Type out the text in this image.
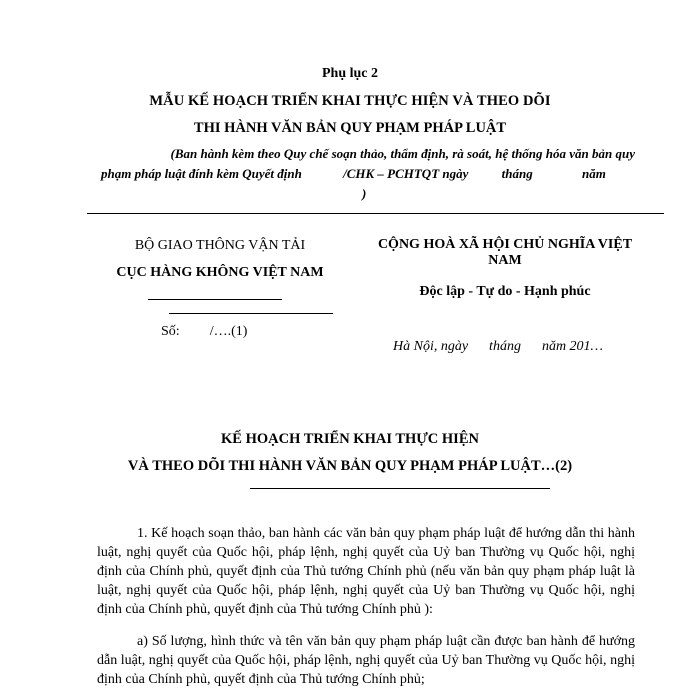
Phụ lục 2
MẪU KẾ HOẠCH TRIỂN KHAI THỰC HIỆN VÀ THEO DÕI
THI HÀNH VĂN BẢN QUY PHẠM PHÁP LUẬT
(Ban hành kèm theo Quy chế soạn thảo, thẩm định, rà soát, hệ thống hóa văn bản quy
phạm pháp luật đính kèm Quyết định	/CHK – PCHTQT ngày	tháng	năm
)
BỘ GIAO THÔNG VẬN TẢI
CỤC HÀNG KHÔNG VIỆT NAM
Số: /….(1)
CỘNG HOÀ XÃ HỘI CHỦ NGHĨA VIỆT NAM
Độc lập - Tự do - Hạnh phúc
Hà Nội, ngày      tháng      năm 201…
KẾ HOẠCH TRIỂN KHAI THỰC HIỆN
VÀ THEO DÕI THI HÀNH VĂN BẢN QUY PHẠM PHÁP LUẬT…(2)
1. Kế hoạch soạn thảo, ban hành các văn bản quy phạm pháp luật để hướng dẫn thi hành luật, nghị quyết của Quốc hội, pháp lệnh, nghị quyết của Uỷ ban Thường vụ Quốc hội, nghị định của Chính phủ, quyết định của Thủ tướng Chính phủ (nếu văn bản quy phạm pháp luật là luật, nghị quyết của Quốc hội, pháp lệnh, nghị quyết của Uỷ ban Thường vụ Quốc hội, nghị định của Chính phủ, quyết định của Thủ tướng Chính phủ ):
a) Số lượng, hình thức và tên văn bản quy phạm pháp luật cần được ban hành để hướng dẫn luật, nghị quyết của Quốc hội, pháp lệnh, nghị quyết của Uỷ ban Thường vụ Quốc hội, nghị định của Chính phủ, quyết định của Thủ tướng Chính phủ;
